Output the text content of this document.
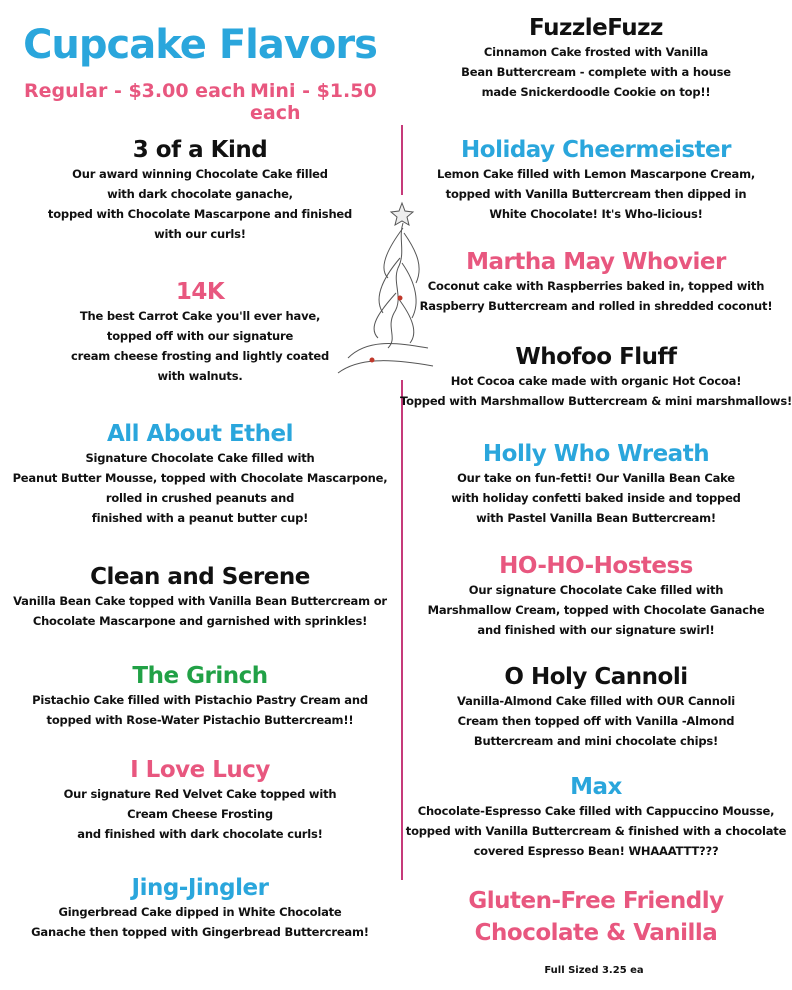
Cupcake Flavors
Regular - $3.00 each Mini - $1.50 each
3 of a Kind
Our award winning Chocolate Cake filled
with dark chocolate ganache,
topped with Chocolate Mascarpone and finished
with our curls!
14K
The best Carrot Cake you'll ever have,
topped off with our signature
cream cheese frosting and lightly coated
with walnuts.
All About Ethel
Signature Chocolate Cake filled with
Peanut Butter Mousse, topped with Chocolate Mascarpone,
rolled in crushed peanuts and
finished with a peanut butter cup!
Clean and Serene
Vanilla Bean Cake topped with Vanilla Bean Buttercream or
Chocolate Mascarpone and garnished with sprinkles!
The Grinch
Pistachio Cake filled with Pistachio Pastry Cream and
topped with Rose-Water Pistachio Buttercream!!
I Love Lucy
Our signature Red Velvet Cake topped with
Cream Cheese Frosting
and finished with dark chocolate curls!
Jing-Jingler
Gingerbread Cake dipped in White Chocolate
Ganache then topped with Gingerbread Buttercream!
FuzzleFuzz
Cinnamon Cake frosted with Vanilla
Bean Buttercream - complete with a house
made Snickerdoodle Cookie on top!!
Holiday Cheermeister
Lemon Cake filled with Lemon Mascarpone Cream,
topped with Vanilla Buttercream then dipped in
White Chocolate! It's Who-licious!
Martha May Whovier
Coconut cake with Raspberries baked in, topped with
Raspberry Buttercream and rolled in shredded coconut!
Whofoo Fluff
Hot Cocoa cake made with organic Hot Cocoa!
Topped with Marshmallow Buttercream & mini marshmallows!
Holly Who Wreath
Our take on fun-fetti! Our Vanilla Bean Cake
with holiday confetti baked inside and topped
with Pastel Vanilla Bean Buttercream!
HO-HO-Hostess
Our signature Chocolate Cake filled with
Marshmallow Cream, topped with Chocolate Ganache
and finished with our signature swirl!
O Holy Cannoli
Vanilla-Almond Cake filled with OUR Cannoli
Cream then topped off with Vanilla -Almond
Buttercream and mini chocolate chips!
Max
Chocolate-Espresso Cake filled with Cappuccino Mousse,
topped with Vanilla Buttercream & finished with a chocolate
covered Espresso Bean! WHAAATTT???
Gluten-Free Friendly
Chocolate & Vanilla
Full Sized 3.25 ea
